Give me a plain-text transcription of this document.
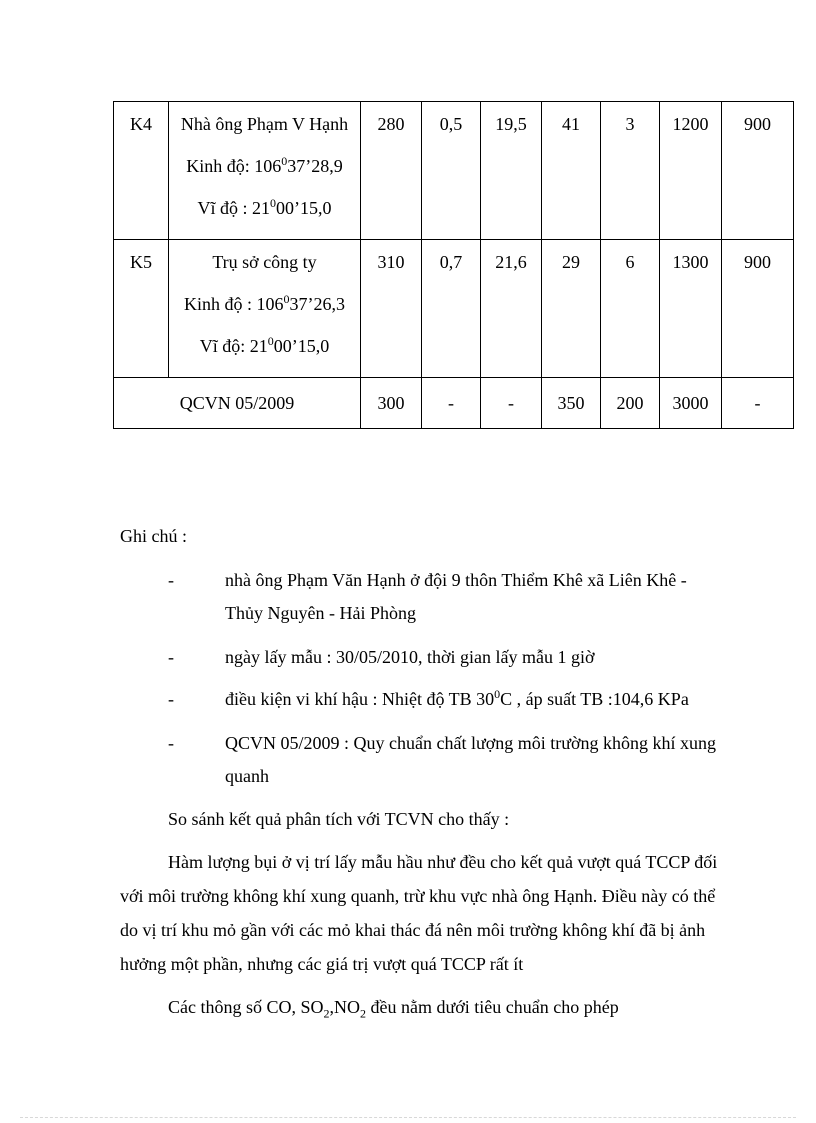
K4	Nhà ông Phạm V Hạnh
Kinh độ: $106^037’28,9$
Vĩ độ : $21^000’15,0$	280	0,5	19,5	41	3	1200	900
K5	Trụ sở công ty
Kinh độ : $106^037’26,3$
Vĩ độ: $21^000’15,0$	310	0,7	21,6	29	6	1300	900
QCVN 05/2009		300	-	-	350	200	3000	-
Ghi chú :
-	nhà ông Phạm Văn Hạnh ở đội 9 thôn Thiểm Khê xã Liên Khê -
Thủy Nguyên - Hải Phòng
-	ngày lấy mẫu : 30/05/2010, thời gian lấy mẫu 1 giờ
-	điều kiện vi khí hậu : Nhiệt độ TB $30^0C$ , áp suất TB :104,6 KPa
-	QCVN 05/2009 : Quy chuẩn chất lượng môi trường không khí xung
quanh
So sánh kết quả phân tích với TCVN cho thấy :
Hàm lượng bụi ở vị trí lấy mẫu hầu như đều cho kết quả vượt quá TCCP đối
với môi trường không khí xung quanh, trừ khu vực nhà ông Hạnh. Điều này có thể
do vị trí khu mỏ gần với các mỏ khai thác đá nên môi trường không khí đã bị ảnh
hưởng một phần, nhưng các giá trị vượt quá TCCP rất ít
Các thông số CO, $SO_2,NO_2$ đều nằm dưới tiêu chuẩn cho phép
